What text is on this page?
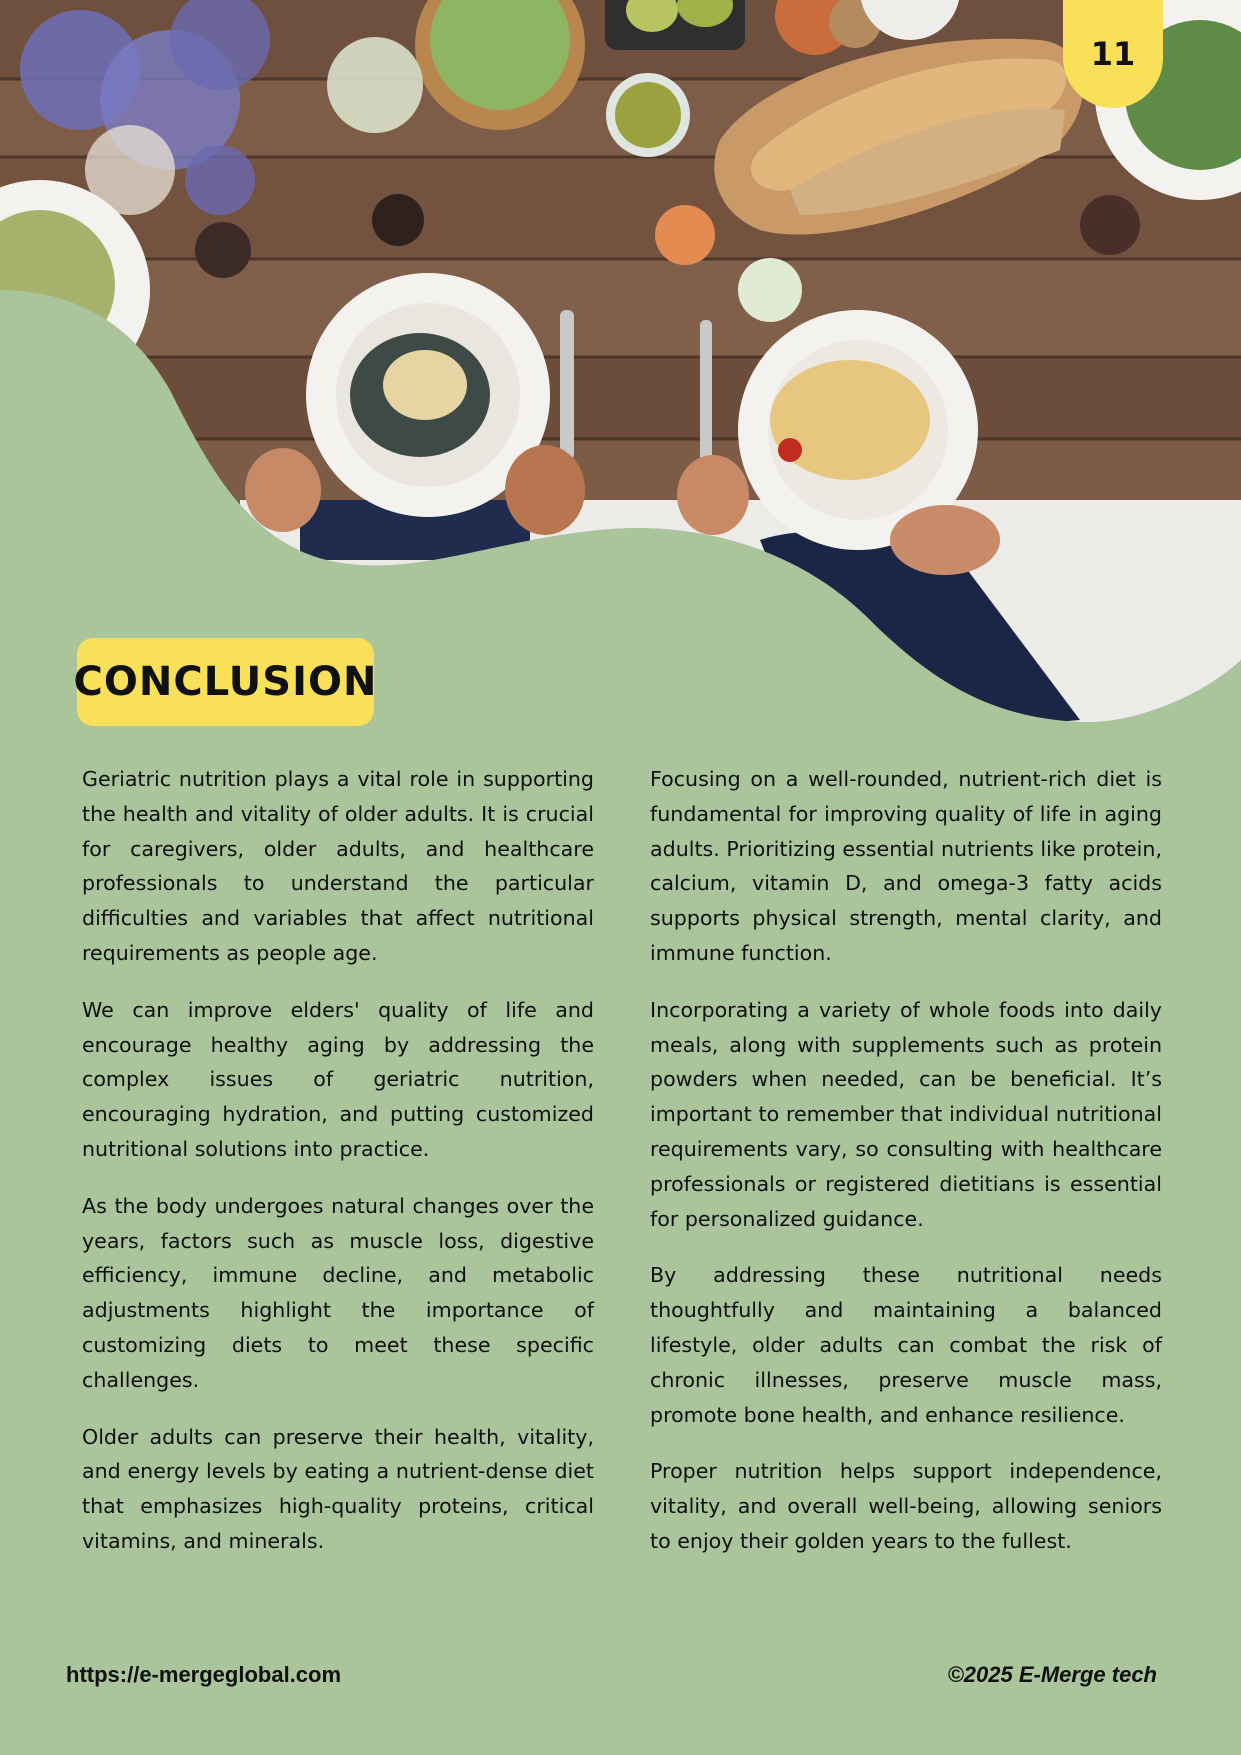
11
CONCLUSION

Geriatric nutrition plays a vital role in supporting the health and vitality of older adults. It is crucial for caregivers, older adults, and healthcare professionals to understand the particular difficulties and variables that affect nutritional requirements as people age.

We can improve elders' quality of life and encourage healthy aging by addressing the complex issues of geriatric nutrition, encouraging hydration, and putting customized nutritional solutions into practice.

As the body undergoes natural changes over the years, factors such as muscle loss, digestive efficiency, immune decline, and metabolic adjustments highlight the importance of customizing diets to meet these specific challenges.

Older adults can preserve their health, vitality, and energy levels by eating a nutrient-dense diet that emphasizes high-quality proteins, critical vitamins, and minerals.

Focusing on a well-rounded, nutrient-rich diet is fundamental for improving quality of life in aging adults. Prioritizing essential nutrients like protein, calcium, vitamin D, and omega-3 fatty acids supports physical strength, mental clarity, and immune function.

Incorporating a variety of whole foods into daily meals, along with supplements such as protein powders when needed, can be beneficial. It’s important to remember that individual nutritional requirements vary, so consulting with healthcare professionals or registered dietitians is essential for personalized guidance.

By addressing these nutritional needs thoughtfully and maintaining a balanced lifestyle, older adults can combat the risk of chronic illnesses, preserve muscle mass, promote bone health, and enhance resilience.

Proper nutrition helps support independence, vitality, and overall well-being, allowing seniors to enjoy their golden years to the fullest.

https://e-mergeglobal.com	©2025 E-Merge tech
